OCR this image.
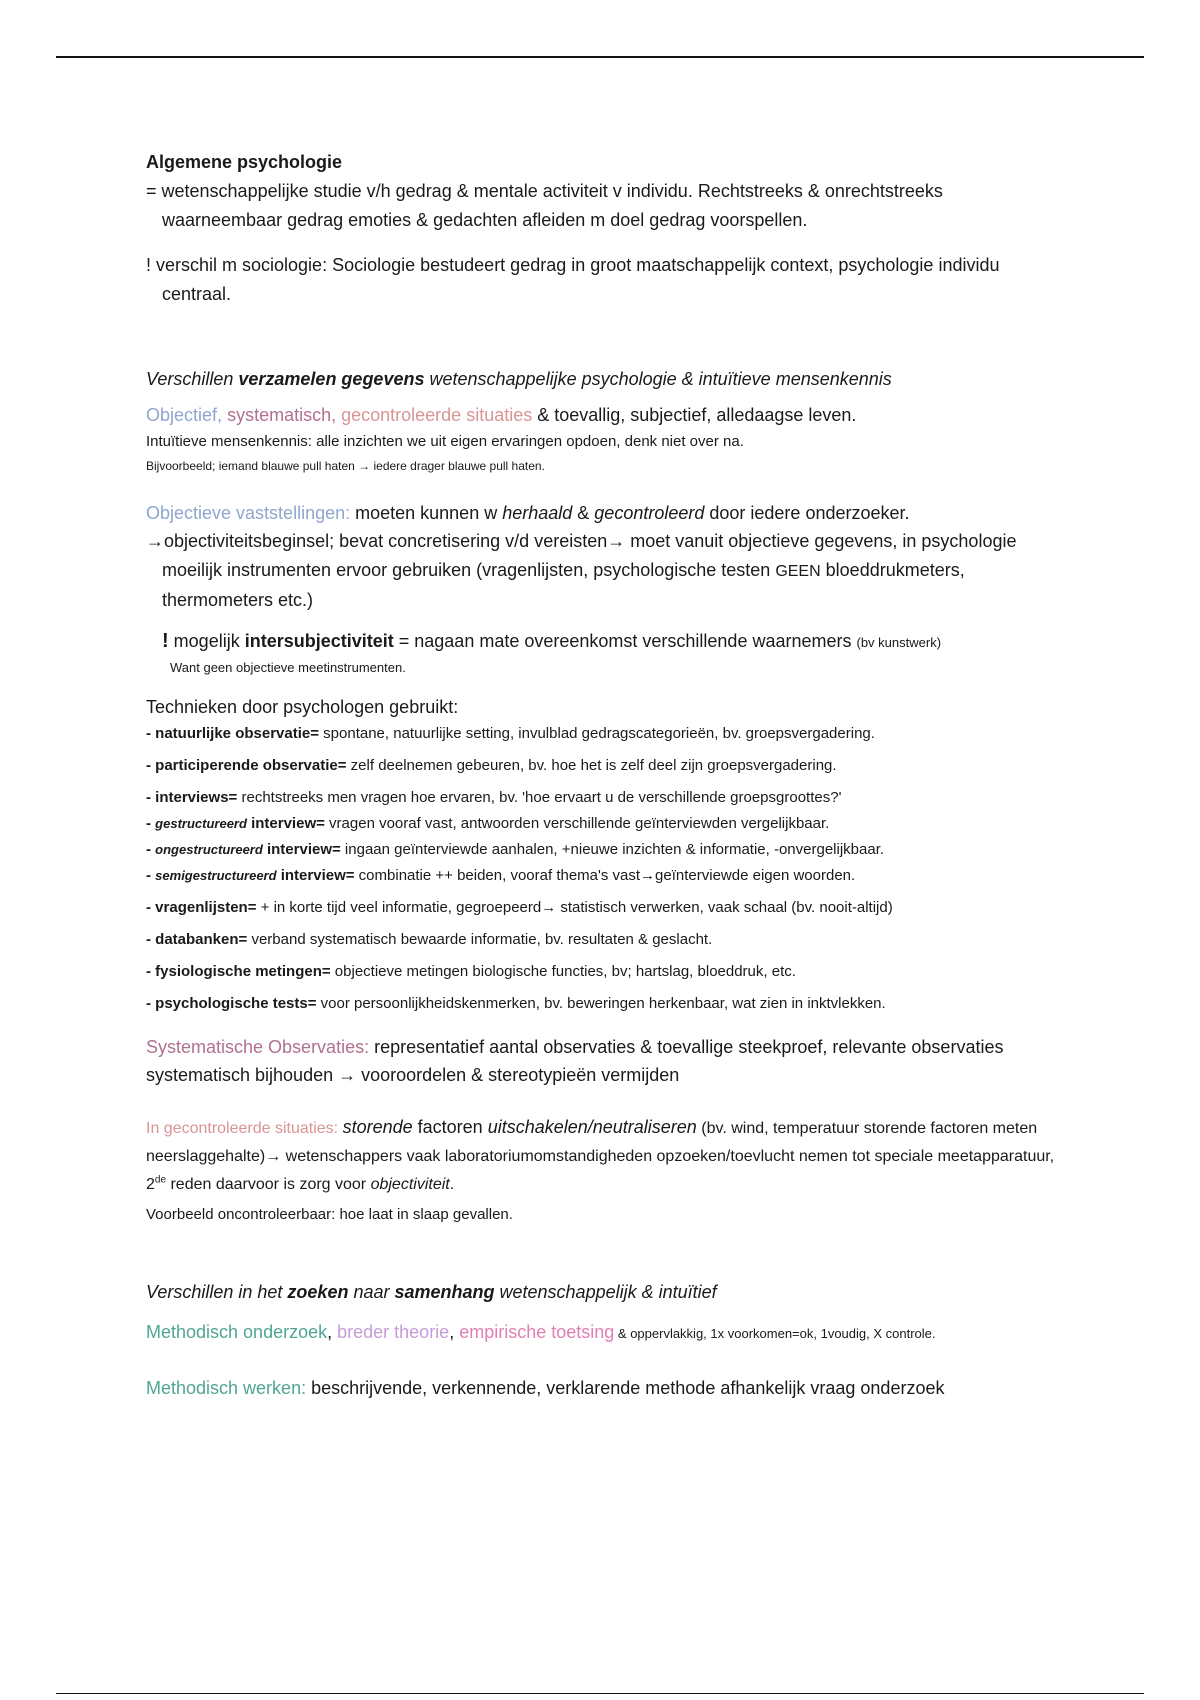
Algemene psychologie

= wetenschappelijke studie v/h gedrag & mentale activiteit v individu. Rechtstreeks & onrechtstreeks waarneembaar gedrag emoties & gedachten afleiden m doel gedrag voorspellen.

! verschil m sociologie: Sociologie bestudeert gedrag in groot maatschappelijk context, psychologie individu centraal.

Verschillen verzamelen gegevens wetenschappelijke psychologie & intuïtieve mensenkennis

Objectief, systematisch, gecontroleerde situaties & toevallig, subjectief, alledaagse leven.

Intuïtieve mensenkennis: alle inzichten we uit eigen ervaringen opdoen, denk niet over na.

Bijvoorbeeld; iemand blauwe pull haten → iedere drager blauwe pull haten.

Objectieve vaststellingen: moeten kunnen w herhaald & gecontroleerd door iedere onderzoeker.

→objectiviteitsbeginsel; bevat concretisering v/d vereisten→ moet vanuit objectieve gegevens, in psychologie moeilijk instrumenten ervoor gebruiken (vragenlijsten, psychologische testen GEEN bloeddrukmeters, thermometers etc.)

! mogelijk intersubjectiviteit = nagaan mate overeenkomst verschillende waarnemers (bv kunstwerk)

Want geen objectieve meetinstrumenten.

Technieken door psychologen gebruikt:

- natuurlijke observatie= spontane, natuurlijke setting, invulblad gedragscategorieën, bv. groepsvergadering.

- participerende observatie= zelf deelnemen gebeuren, bv. hoe het is zelf deel zijn groepsvergadering.

- interviews= rechtstreeks men vragen hoe ervaren, bv. 'hoe ervaart u de verschillende groepsgroottes?'

- gestructureerd interview= vragen vooraf vast, antwoorden verschillende geïnterviewden vergelijkbaar.

- ongestructureerd interview= ingaan geïnterviewde aanhalen, +nieuwe inzichten & informatie, -onvergelijkbaar.

- semigestructureerd interview= combinatie ++ beiden, vooraf thema's vast→geïnterviewde eigen woorden.

- vragenlijsten= + in korte tijd veel informatie, gegroepeerd→ statistisch verwerken, vaak schaal (bv. nooit-altijd)

- databanken= verband systematisch bewaarde informatie, bv. resultaten & geslacht.

- fysiologische metingen= objectieve metingen biologische functies, bv; hartslag, bloeddruk, etc.

- psychologische tests= voor persoonlijkheidskenmerken, bv. beweringen herkenbaar, wat zien in inktvlekken.

Systematische Observaties: representatief aantal observaties & toevallige steekproef, relevante observaties systematisch bijhouden → vooroordelen & stereotypieën vermijden

In gecontroleerde situaties: storende factoren uitschakelen/neutraliseren (bv. wind, temperatuur storende factoren meten neerslaggehalte)→ wetenschappers vaak laboratoriumomstandigheden opzoeken/toevlucht nemen tot speciale meetapparatuur, 2de reden daarvoor is zorg voor objectiviteit.

Voorbeeld oncontroleerbaar: hoe laat in slaap gevallen.

Verschillen in het zoeken naar samenhang wetenschappelijk & intuïtief

Methodisch onderzoek, breder theorie, empirische toetsing & oppervlakkig, 1x voorkomen=ok, 1voudig, X controle.

Methodisch werken: beschrijvende, verkennende, verklarende methode afhankelijk vraag onderzoek
